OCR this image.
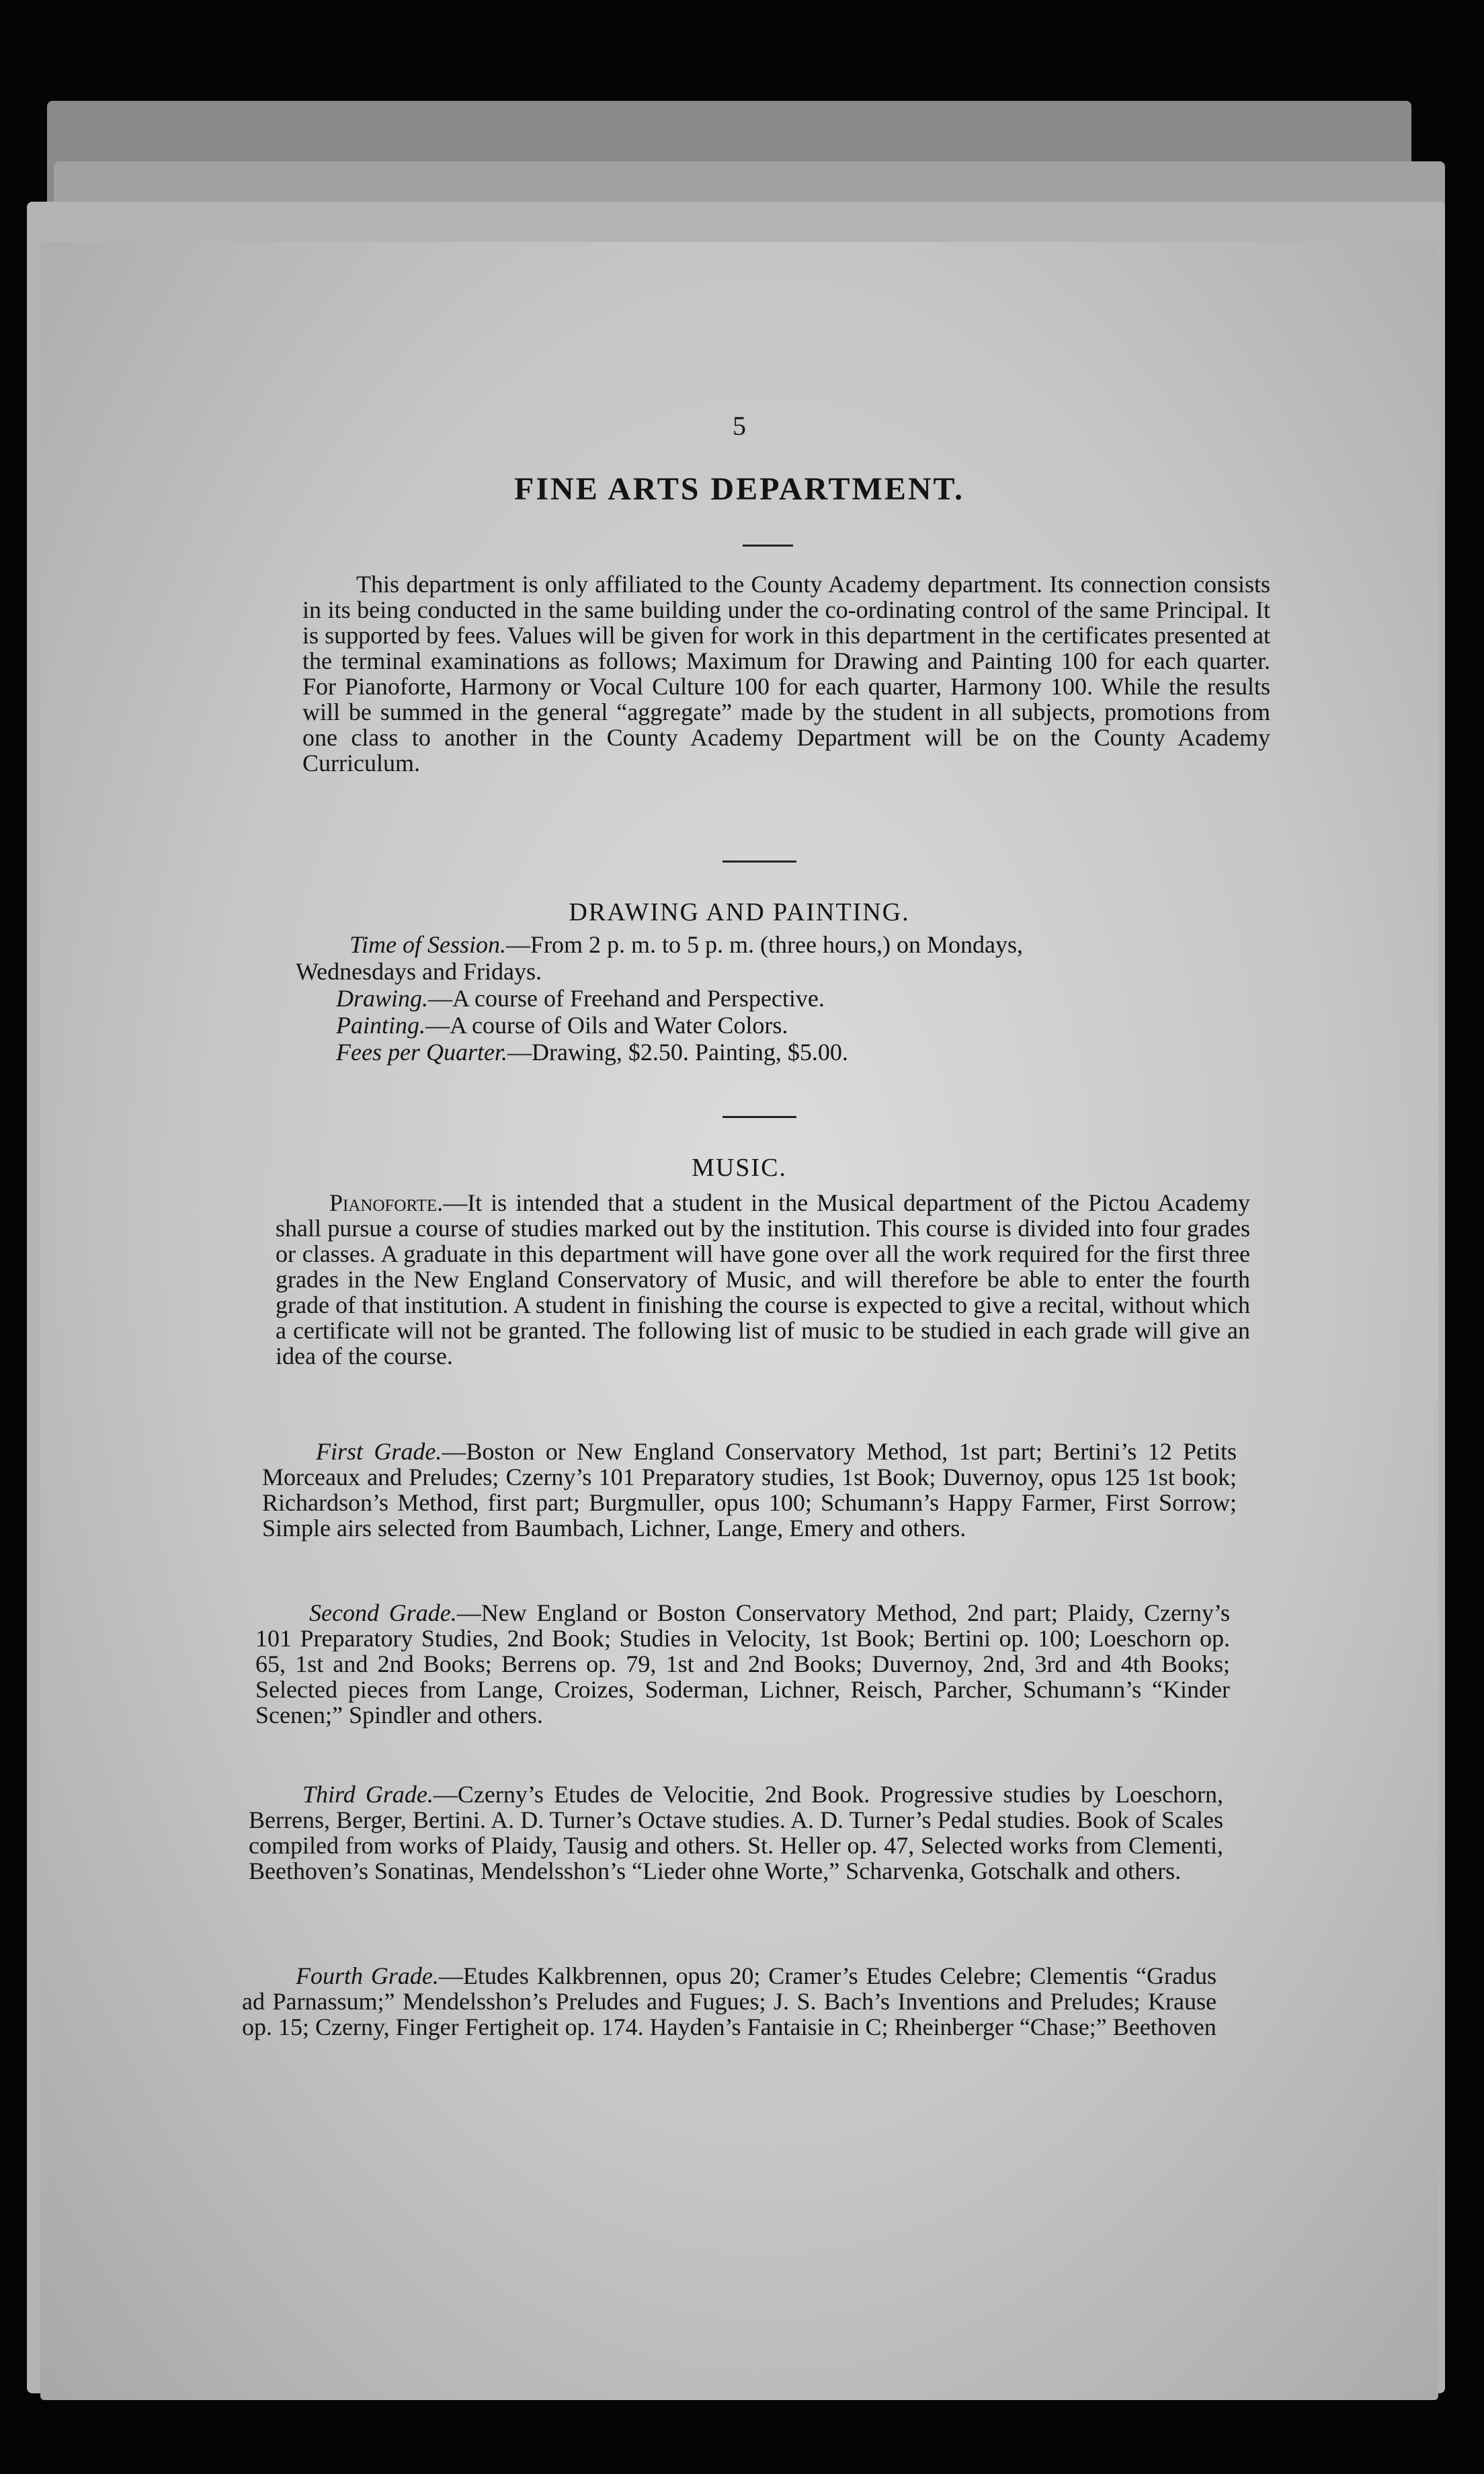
5
FINE ARTS DEPARTMENT.

This department is only affiliated to the County Academy department. Its connection consists in its being conducted in the same building under the co-ordinating control of the same Principal. It is supported by fees. Values will be given for work in this department in the certificates presented at the terminal examinations as follows; Maximum for Drawing and Painting 100 for each quarter. For Pianoforte, Harmony or Vocal Culture 100 for each quarter, Harmony 100. While the results will be summed in the general “aggregate” made by the student in all subjects, promotions from one class to another in the County Academy Department will be on the County Academy Curriculum.

DRAWING AND PAINTING.

Time of Session.—From 2 p. m. to 5 p. m. (three hours,) on Mondays,

Wednesdays and Fridays.

Drawing.—A course of Freehand and Perspective.

Painting.—A course of Oils and Water Colors.

Fees per Quarter.—Drawing, $2.50. Painting, $5.00.

MUSIC.

Pianoforte.—It is intended that a student in the Musical department of the Pictou Academy shall pursue a course of studies marked out by the institution. This course is divided into four grades or classes. A graduate in this department will have gone over all the work required for the first three grades in the New England Conservatory of Music, and will therefore be able to enter the fourth grade of that institution. A student in finishing the course is expected to give a recital, without which a certificate will not be granted. The following list of music to be studied in each grade will give an idea of the course.

First Grade.—Boston or New England Conservatory Method, 1st part; Bertini’s 12 Petits Morceaux and Preludes; Czerny’s 101 Preparatory studies, 1st Book; Duvernoy, opus 125 1st book; Richardson’s Method, first part; Burgmuller, opus 100; Schumann’s Happy Farmer, First Sorrow; Simple airs selected from Baumbach, Lichner, Lange, Emery and others.

Second Grade.—New England or Boston Conservatory Method, 2nd part; Plaidy, Czerny’s 101 Preparatory Studies, 2nd Book; Studies in Velocity, 1st Book; Bertini op. 100; Loeschorn op. 65, 1st and 2nd Books; Berrens op. 79, 1st and 2nd Books; Duvernoy, 2nd, 3rd and 4th Books; Selected pieces from Lange, Croizes, Soderman, Lichner, Reisch, Parcher, Schumann’s “Kinder Scenen;” Spindler and others.

Third Grade.—Czerny’s Etudes de Velocitie, 2nd Book. Progressive studies by Loeschorn, Berrens, Berger, Bertini. A. D. Turner’s Octave studies. A. D. Turner’s Pedal studies. Book of Scales compiled from works of Plaidy, Tausig and others. St. Heller op. 47, Selected works from Clementi, Beethoven’s Sonatinas, Mendelsshon’s “Lieder ohne Worte,” Scharvenka, Gotschalk and others.

Fourth Grade.—Etudes Kalkbrennen, opus 20; Cramer’s Etudes Celebre; Clementis “Gradus ad Parnassum;” Mendelsshon’s Preludes and Fugues; J. S. Bach’s Inventions and Preludes; Krause op. 15; Czerny, Finger Fertigheit op. 174. Hayden’s Fantaisie in C; Rheinberger “Chase;” Beethoven
